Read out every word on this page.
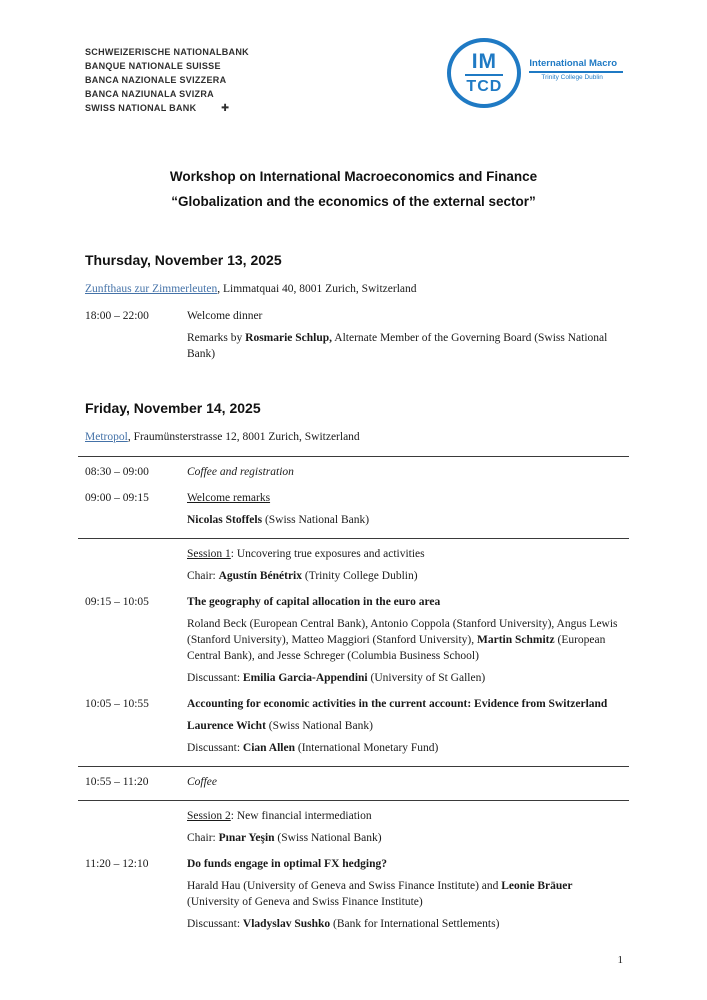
SCHWEIZERISCHE NATIONALBANK
BANQUE NATIONALE SUISSE
BANCA NAZIONALE SVIZZERA
BANCA NAZIUNALA SVIZRA
SWISS NATIONAL BANK ✚
IM
TCD
International Macro
Trinity College Dublin
Workshop on International Macroeconomics and Finance
“Globalization and the economics of the external sector”
Thursday, November 13, 2025

Zunfthaus zur Zimmerleuten, Limmatquai 40, 8001 Zurich, Switzerland

18:00 – 22:00	Welcome dinner

Remarks by Rosmarie Schlup, Alternate Member of the Governing Board (Swiss National Bank)

Friday, November 14, 2025

Metropol, Fraumünsterstrasse 12, 8001 Zurich, Switzerland

08:30 – 09:00	Coffee and registration

09:00 – 09:15	Welcome remarks

Nicolas Stoffels (Swiss National Bank)

Session 1: Uncovering true exposures and activities

Chair: Agustín Bénétrix (Trinity College Dublin)

09:15 – 10:05	The geography of capital allocation in the euro area

Roland Beck (European Central Bank), Antonio Coppola (Stanford University), Angus Lewis (Stanford University), Matteo Maggiori (Stanford University), Martin Schmitz (European Central Bank), and Jesse Schreger (Columbia Business School)

Discussant: Emilia Garcia-Appendini (University of St Gallen)

10:05 – 10:55	Accounting for economic activities in the current account: Evidence from Switzerland

Laurence Wicht (Swiss National Bank)

Discussant: Cian Allen (International Monetary Fund)

10:55 – 11:20	Coffee

Session 2: New financial intermediation

Chair: Pınar Yeşin (Swiss National Bank)

11:20 – 12:10	Do funds engage in optimal FX hedging?

Harald Hau (University of Geneva and Swiss Finance Institute) and Leonie Bräuer (University of Geneva and Swiss Finance Institute)

Discussant: Vladyslav Sushko (Bank for International Settlements)

1
